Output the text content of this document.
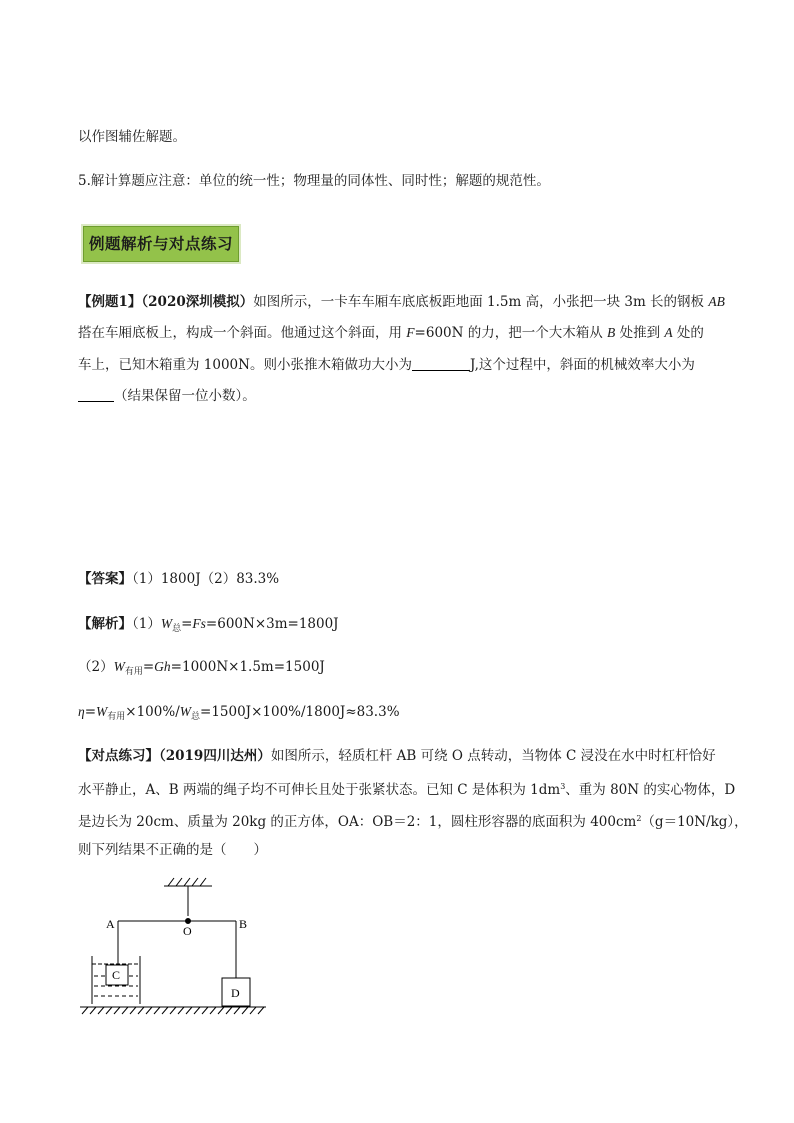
以作图辅佐解题。
5.解计算题应注意：单位的统一性；物理量的同体性、同时性；解题的规范性。
例题解析与对点练习
【例题1】（2020深圳模拟）如图所示，一卡车车厢车底底板距地面 1.5m 高，小张把一块 3m 长的钢板 AB
搭在车厢底板上，构成一个斜面。他通过这个斜面，用 F=600N 的力，把一个大木箱从 B 处推到 A 处的
车上，已知木箱重为 1000N。则小张推木箱做功大小为	J,这个过程中，斜面的机械效率大小为
（结果保留一位小数）。
【答案】（1）1800J（2）83.3%
【解析】$(1)W_总=Fs=600N\times 3m=1800J$
$(2)W_{有用}=Gh=1000N\times 1.5m=1500J$
$\eta=W_{有用}\times 100\%/W_总=1500J\times 100\%/1800J\approx 83.3\%$
【对点练习】（2019四川达州）如图所示，轻质杠杆 AB 可绕 O 点转动，当物体 C 浸没在水中时杠杆恰好
水平静止，A、B 两端的绳子均不可伸长且处于张紧状态。已知 C 是体积为 $1dm^3$、重为 80N 的实心物体，D
是边长为 20cm、质量为 20kg 的正方体，OA：OB＝2：1，圆柱形容器的底面积为 $400cm^2(g=10N/kg)$，
则下列结果不正确的是（　　）
A	O	B
C
D
